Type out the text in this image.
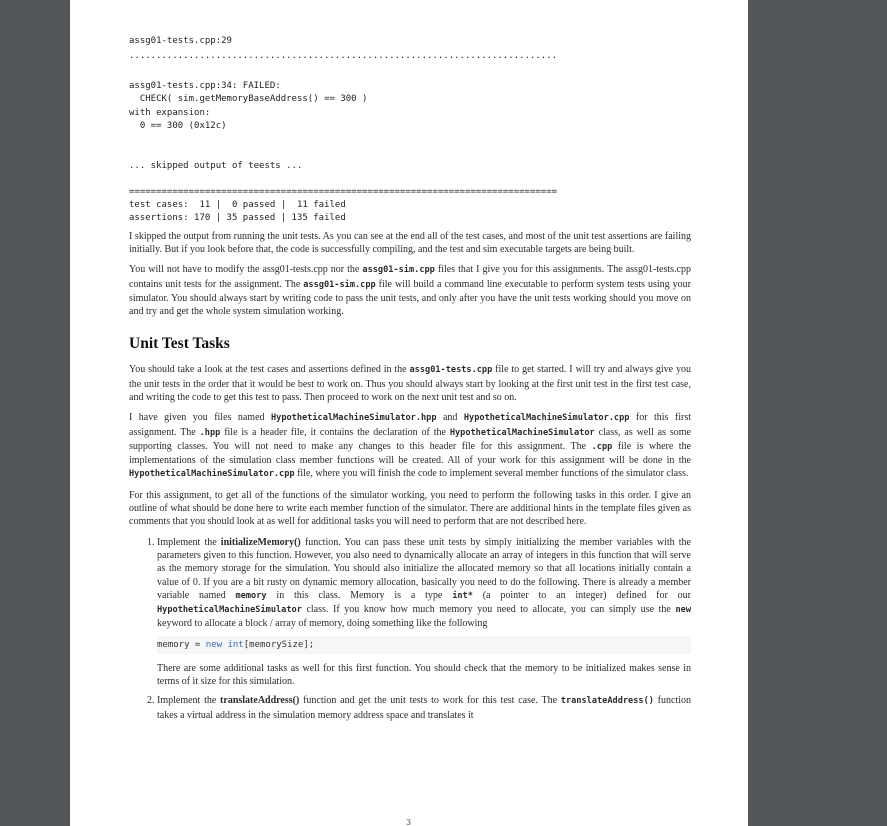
assg01-tests.cpp:29
...............................................................................
assg01-tests.cpp:34: FAILED:
CHECK( sim.getMemoryBaseAddress() == 300 )
with expansion:
0 == 300 (0x12c)
... skipped output of teests ...
===============================================================================
test cases:  11 |  0 passed |  11 failed
assertions: 170 | 35 passed | 135 failed

I skipped the output from running the unit tests. As you can see at the end all of the test cases, and most of the unit test assertions are failing initially. But if you look before that, the code is successfully compiling, and the test and sim executable targets are being built.

You will not have to modify the assg01-tests.cpp nor the assg01-sim.cpp files that I give you for this assignments. The assg01-tests.cpp contains unit tests for the assignment. The assg01-sim.cpp file will build a command line executable to perform system tests using your simulator. You should always start by writing code to pass the unit tests, and only after you have the unit tests working should you move on and try and get the whole system simulation working.

Unit Test Tasks

You should take a look at the test cases and assertions defined in the assg01-tests.cpp file to get started. I will try and always give you the unit tests in the order that it would be best to work on. Thus you should always start by looking at the first unit test in the first test case, and writing the code to get this test to pass. Then proceed to work on the next unit test and so on.

I have given you files named HypotheticalMachineSimulator.hpp and HypotheticalMachineSimulator.cpp for this first assignment. The .hpp file is a header file, it contains the declaration of the HypotheticalMachineSimulator class, as well as some supporting classes. You will not need to make any changes to this header file for this assignment. The .cpp file is where the implementations of the simulation class member functions will be created. All of your work for this assignment will be done in the HypotheticalMachineSimulator.cpp file, where you will finish the code to implement several member functions of the simulator class.

For this assignment, to get all of the functions of the simulator working, you need to perform the following tasks in this order. I give an outline of what should be done here to write each member function of the simulator. There are additional hints in the template files given as comments that you should look at as well for additional tasks you will need to perform that are not described here.

1. Implement the initializeMemory() function. You can pass these unit tests by simply initializing the member variables with the parameters given to this function. However, you also need to dynamically allocate an array of integers in this function that will serve as the memory storage for the simulation. You should also initialize the allocated memory so that all locations initially contain a value of 0. If you are a bit rusty on dynamic memory allocation, basically you need to do the following. There is already a member variable named memory in this class. Memory is a type int* (a pointer to an integer) defined for our HypotheticalMachineSimulator class. If you know how much memory you need to allocate, you can simply use the new keyword to allocate a block / array of memory, doing something like the following
memory = new int[memorySize];
There are some additional tasks as well for this first function. You should check that the memory to be initialized makes sense in terms of it size for this simulation.
2. Implement the translateAddress() function and get the unit tests to work for this test case. The translateAddress() function takes a virtual address in the simulation memory address space and translates it
3
